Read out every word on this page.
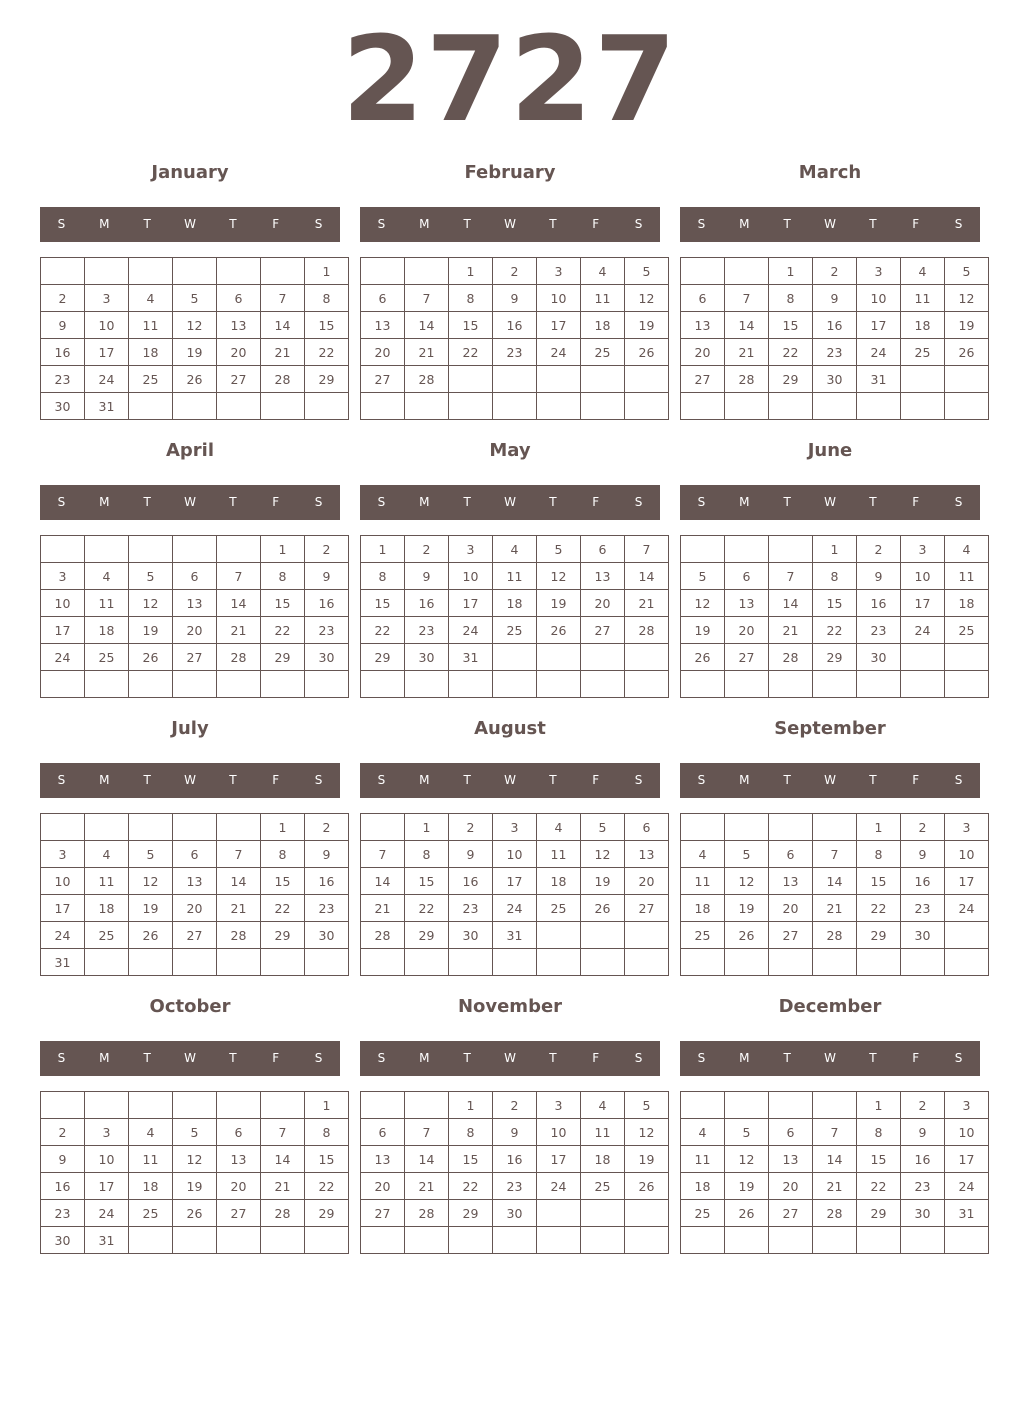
2727
January
S	M	T	W	T	F	S
						1
2	3	4	5	6	7	8
9	10	11	12	13	14	15
16	17	18	19	20	21	22
23	24	25	26	27	28	29
30	31					
February
S	M	T	W	T	F	S
		1	2	3	4	5
6	7	8	9	10	11	12
13	14	15	16	17	18	19
20	21	22	23	24	25	26
27	28					

March
S	M	T	W	T	F	S
		1	2	3	4	5
6	7	8	9	10	11	12
13	14	15	16	17	18	19
20	21	22	23	24	25	26
27	28	29	30	31		

April
S	M	T	W	T	F	S
					1	2
3	4	5	6	7	8	9
10	11	12	13	14	15	16
17	18	19	20	21	22	23
24	25	26	27	28	29	30

May
S	M	T	W	T	F	S
1	2	3	4	5	6	7
8	9	10	11	12	13	14
15	16	17	18	19	20	21
22	23	24	25	26	27	28
29	30	31				

June
S	M	T	W	T	F	S
			1	2	3	4
5	6	7	8	9	10	11
12	13	14	15	16	17	18
19	20	21	22	23	24	25
26	27	28	29	30		

July
S	M	T	W	T	F	S
					1	2
3	4	5	6	7	8	9
10	11	12	13	14	15	16
17	18	19	20	21	22	23
24	25	26	27	28	29	30
31						
August
S	M	T	W	T	F	S
	1	2	3	4	5	6
7	8	9	10	11	12	13
14	15	16	17	18	19	20
21	22	23	24	25	26	27
28	29	30	31			

September
S	M	T	W	T	F	S
				1	2	3
4	5	6	7	8	9	10
11	12	13	14	15	16	17
18	19	20	21	22	23	24
25	26	27	28	29	30	

October
S	M	T	W	T	F	S
						1
2	3	4	5	6	7	8
9	10	11	12	13	14	15
16	17	18	19	20	21	22
23	24	25	26	27	28	29
30	31					
November
S	M	T	W	T	F	S
		1	2	3	4	5
6	7	8	9	10	11	12
13	14	15	16	17	18	19
20	21	22	23	24	25	26
27	28	29	30			

December
S	M	T	W	T	F	S
				1	2	3
4	5	6	7	8	9	10
11	12	13	14	15	16	17
18	19	20	21	22	23	24
25	26	27	28	29	30	31
